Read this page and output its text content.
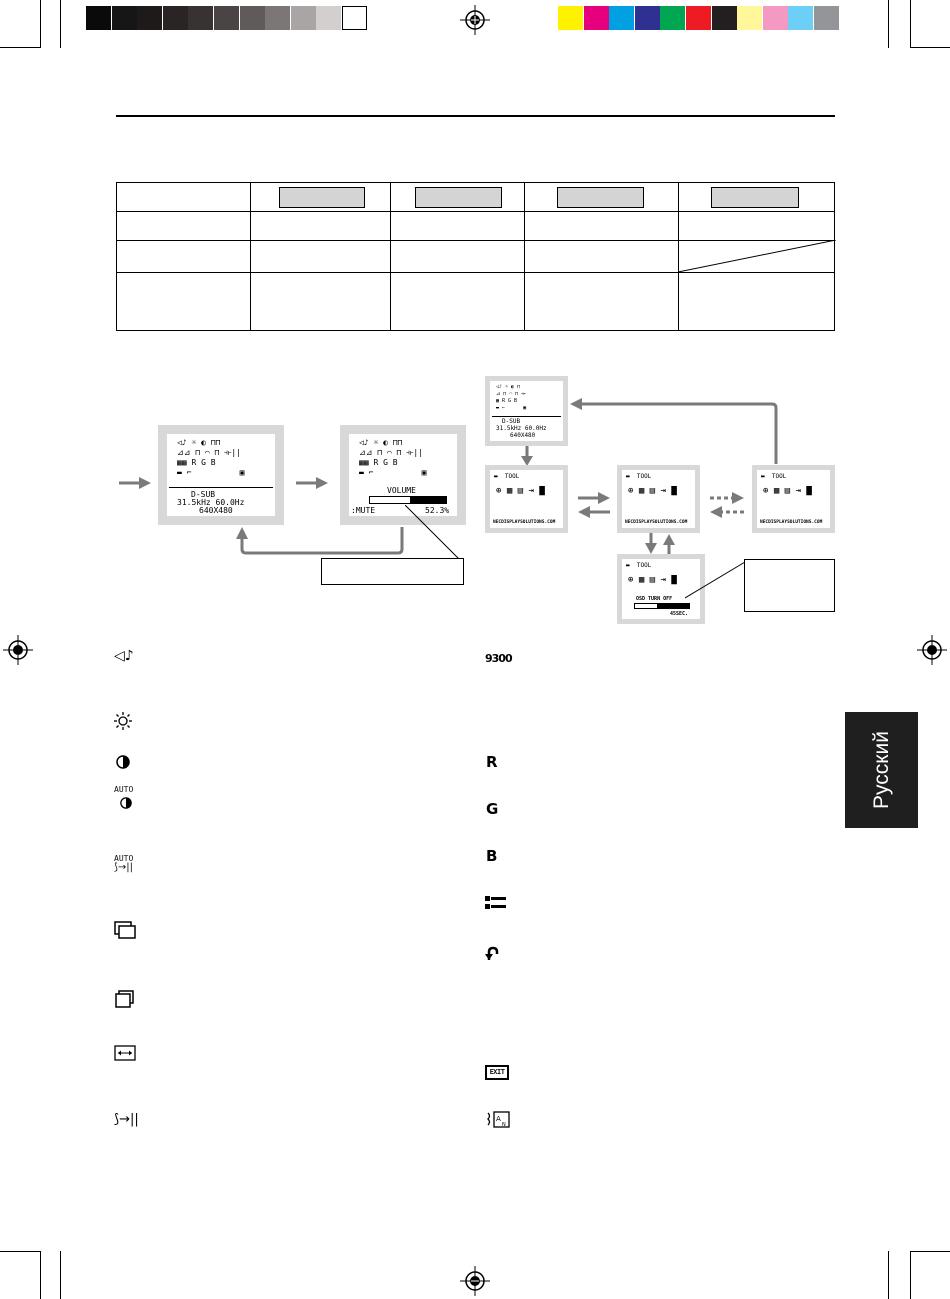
◁♪ ☼ ◐ ⊓⊓
⊿⊿ ⊓ ⌒ ⊓ ⟛||
▦▦ R G B
▬ ⌐          ▣
D-SUB
31.5kHz 60.0Hz
640X480
◁♪ ☼ ◐ ⊓⊓
⊿⊿ ⊓ ⌒ ⊓ ⟛||
▦▦ R G B
▬ ⌐          ▣
VOLUME
:MUTE	52.3%
◁♪ ☼ ◐ ⊓
⊿ ⊓ ⌒ ⊓ ⟛
▦ R G B
▬ ⌐      ▣
D-SUB
31.5kHz 60.0Hz
640X480
▬  TOOL
⊕ ▦ ▤ ⇥ ▇
NECDISPLAYSOLUTIONS.COM
▬  TOOL
⊕ ▦ ▤ ⇥ ▇
NECDISPLAYSOLUTIONS.COM
▬  TOOL
⊕ ▦ ▤ ⇥ ▇
NECDISPLAYSOLUTIONS.COM
▬  TOOL
⊕ ▦ ▤ ⇥ ▇
OSD TURN OFF
45SEC.
Русский
◁♪
AUTO
AUTO
⟆→||
⟆→||
9300
R
G
B
EXIT
A
N
